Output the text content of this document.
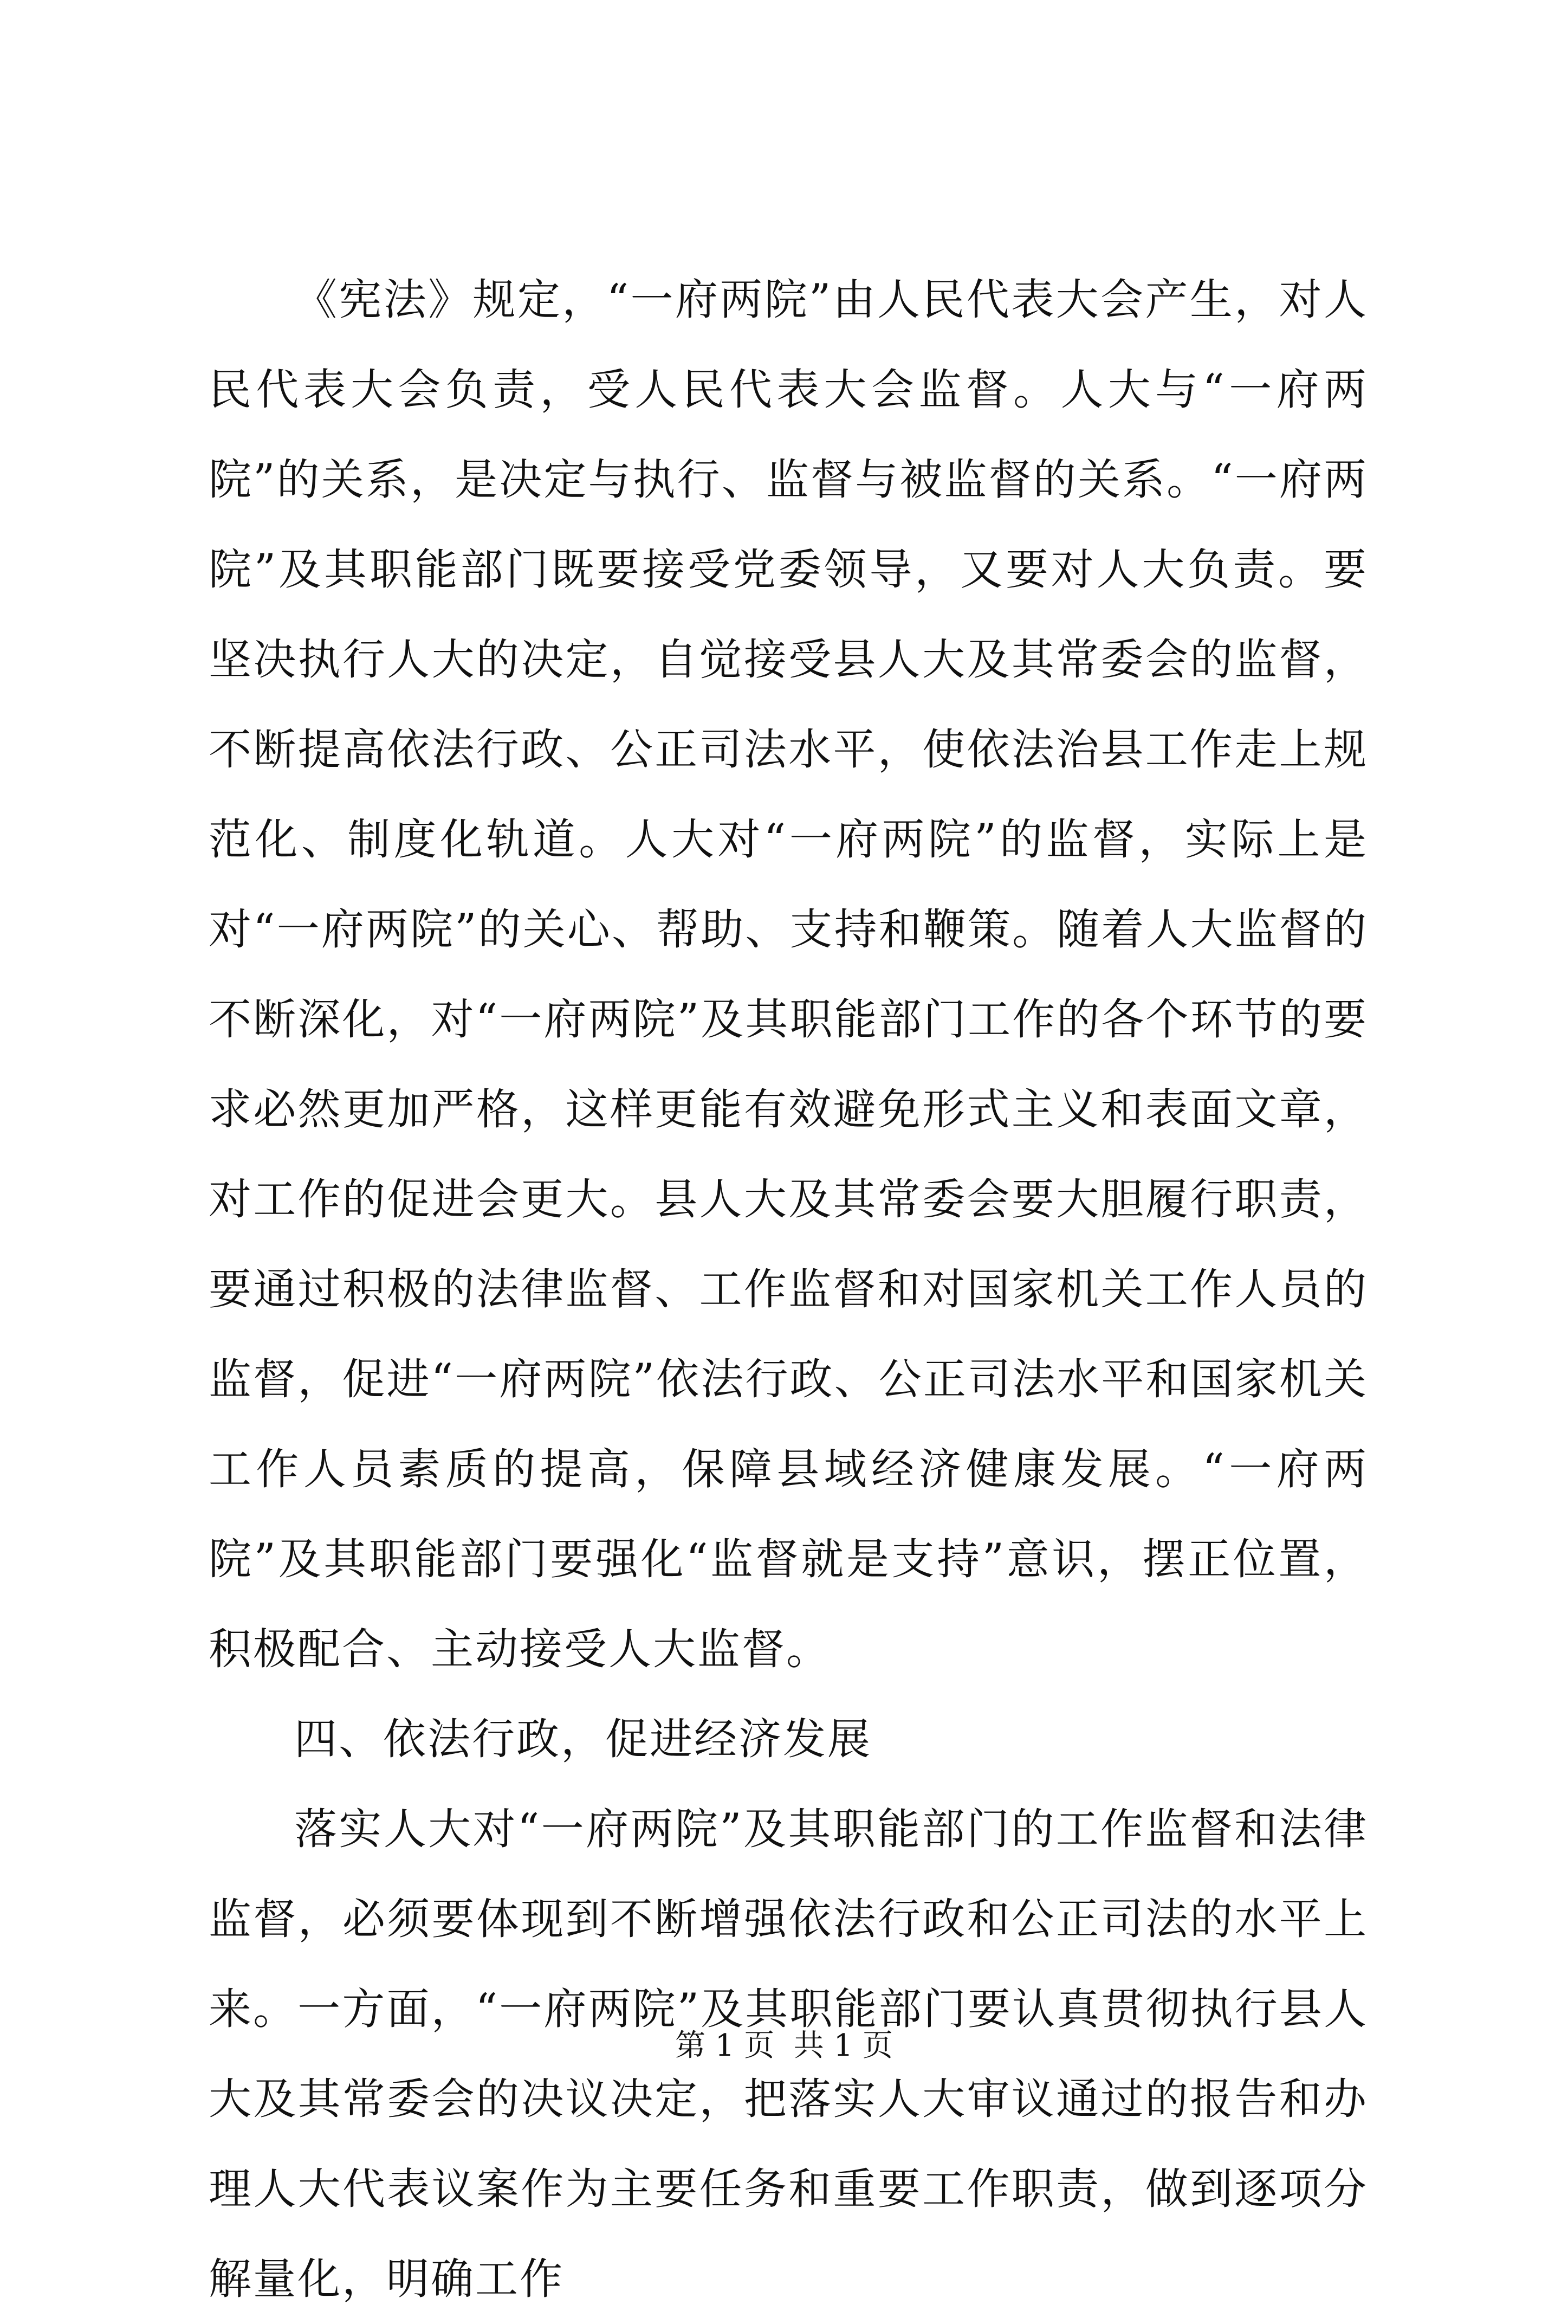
《宪法》规定，“一府两院”由人民代表大会产生，对人民代表大会负责，受人民代表大会监督。人大与“一府两院”的关系，是决定与执行、监督与被监督的关系。“一府两院”及其职能部门既要接受党委领导，又要对人大负责。要坚决执行人大的决定，自觉接受县人大及其常委会的监督，不断提高依法行政、公正司法水平，使依法治县工作走上规范化、制度化轨道。人大对“一府两院”的监督，实际上是对“一府两院”的关心、帮助、支持和鞭策。随着人大监督的不断深化，对“一府两院”及其职能部门工作的各个环节的要求必然更加严格，这样更能有效避免形式主义和表面文章，对工作的促进会更大。县人大及其常委会要大胆履行职责，要通过积极的法律监督、工作监督和对国家机关工作人员的监督，促进“一府两院”依法行政、公正司法水平和国家机关工作人员素质的提高，保障县域经济健康发展。“一府两院”及其职能部门要强化“监督就是支持”意识，摆正位置，积极配合、主动接受人大监督。

四、依法行政，促进经济发展

落实人大对“一府两院”及其职能部门的工作监督和法律监督，必须要体现到不断增强依法行政和公正司法的水平上来。一方面，“一府两院”及其职能部门要认真贯彻执行县人大及其常委会的决议决定，把落实人大审议通过的报告和办理人大代表议案作为主要任务和重要工作职责，做到逐项分解量化，明确工作

第 1 页  共 1 页
